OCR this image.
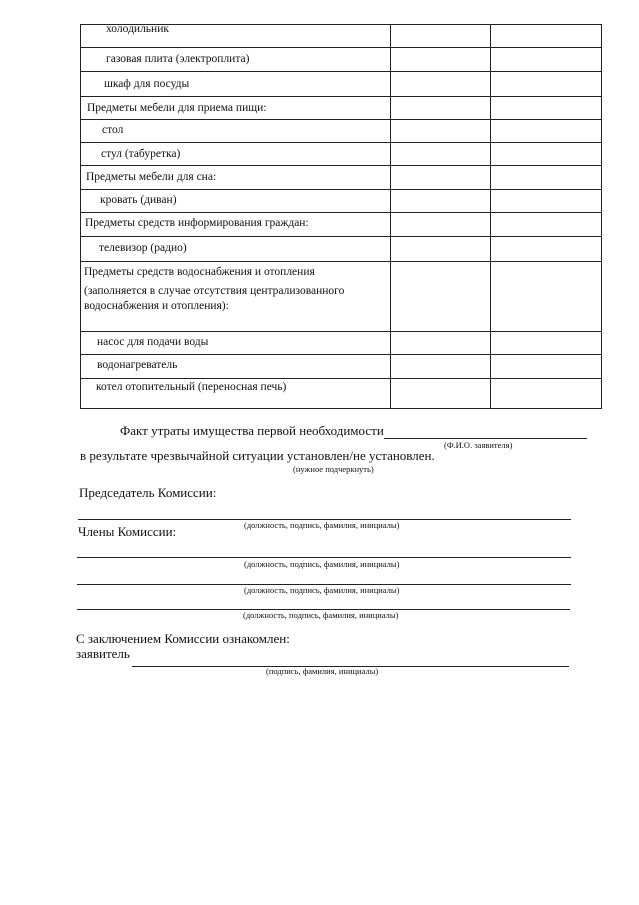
холодильник
газовая плита (электроплита)
шкаф для посуды
Предметы мебели для приема пищи:
стол
стул (табуретка)
Предметы мебели для сна:
кровать (диван)
Предметы средств информирования граждан:
телевизор (радио)
Предметы средств водоснабжения и отопления
(заполняется в случае отсутствия централизованного водоснабжения и отопления):
насос для подачи воды
водонагреватель
котел отопительный (переносная печь)
Факт утраты имущества первой необходимости
(Ф.И.О. заявителя)
в результате чрезвычайной ситуации установлен/не установлен.
(нужное подчеркнуть)
Председатель Комиссии:
(должность, подпись, фамилия, инициалы)
Члены Комиссии:
(должность, подпись, фамилия, инициалы)
(должность, подпись, фамилия, инициалы)
(должность, подпись, фамилия, инициалы)
С заключением Комиссии ознакомлен:
заявитель
(подпись, фамилия, инициалы)
